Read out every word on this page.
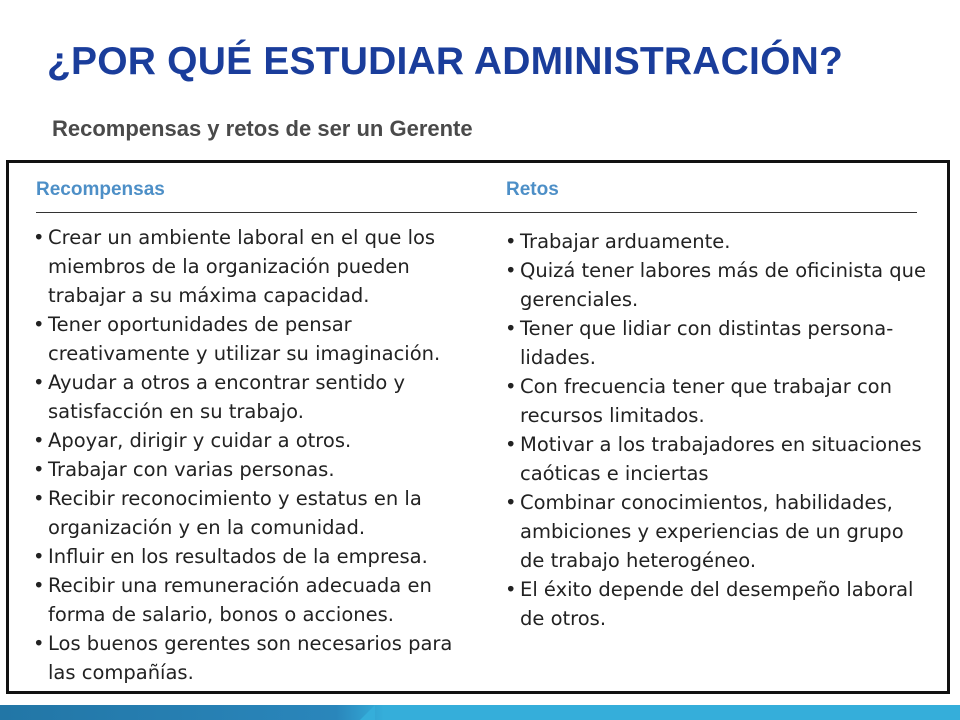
¿POR QUÉ ESTUDIAR ADMINISTRACIÓN?
Recompensas y retos de ser un Gerente
Recompensas	Retos
• Crear un ambiente laboral en el que los
miembros de la organización pueden
trabajar a su máxima capacidad.
• Tener oportunidades de pensar
creativamente y utilizar su imaginación.
• Ayudar a otros a encontrar sentido y
satisfacción en su trabajo.
• Apoyar, dirigir y cuidar a otros.
• Trabajar con varias personas.
• Recibir reconocimiento y estatus en la
organización y en la comunidad.
• Influir en los resultados de la empresa.
• Recibir una remuneración adecuada en
forma de salario, bonos o acciones.
• Los buenos gerentes son necesarios para
las compañías.
• Trabajar arduamente.
• Quizá tener labores más de oficinista que
gerenciales.
• Tener que lidiar con distintas persona-
lidades.
• Con frecuencia tener que trabajar con
recursos limitados.
• Motivar a los trabajadores en situaciones
caóticas e inciertas
• Combinar conocimientos, habilidades,
ambiciones y experiencias de un grupo
de trabajo heterogéneo.
• El éxito depende del desempeño laboral
de otros.
